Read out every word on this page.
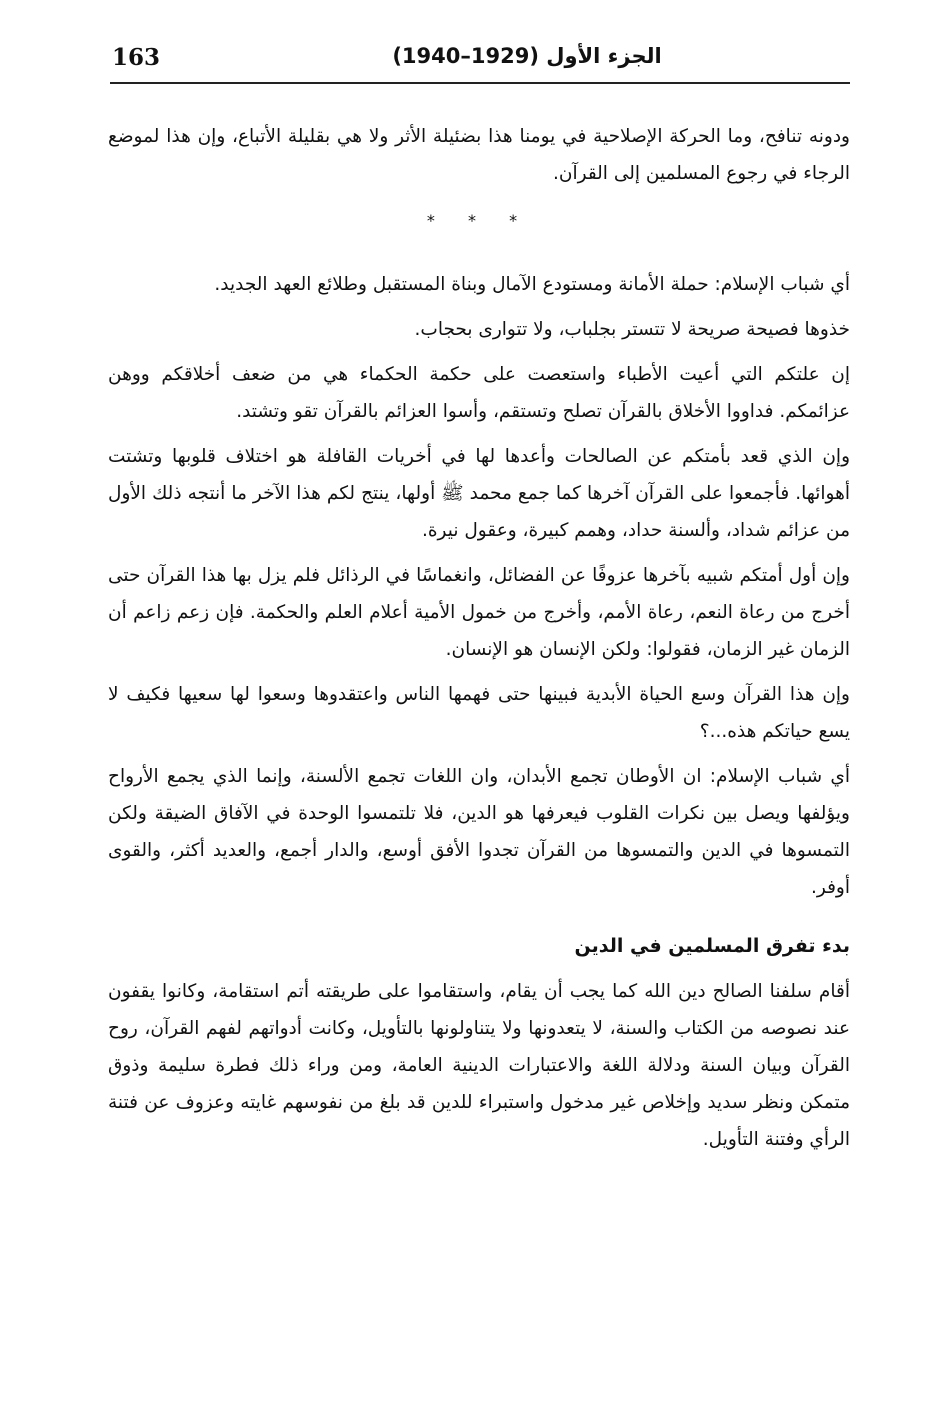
163	الجزء الأول (1929–1940)

ودونه تنافح، وما الحركة الإصلاحية في يومنا هذا بضئيلة الأثر ولا هي بقليلة الأتباع، وإن هذا لموضع الرجاء في رجوع المسلمين إلى القرآن.

* * *

أي شباب الإسلام: حملة الأمانة ومستودع الآمال وبناة المستقبل وطلائع العهد الجديد.

خذوها فصيحة صريحة لا تتستر بجلباب، ولا تتوارى بحجاب.

إن علتكم التي أعيت الأطباء واستعصت على حكمة الحكماء هي من ضعف أخلاقكم ووهن عزائمكم. فداووا الأخلاق بالقرآن تصلح وتستقم، وأسوا العزائم بالقرآن تقو وتشتد.

وإن الذي قعد بأمتكم عن الصالحات وأعدها لها في أخريات القافلة هو اختلاف قلوبها وتشتت أهوائها. فأجمعوا على القرآن آخرها كما جمع محمد ﷺ أولها، ينتج لكم هذا الآخر ما أنتجه ذلك الأول من عزائم شداد، وألسنة حداد، وهمم كبيرة، وعقول نيرة.

وإن أول أمتكم شبيه بآخرها عزوفًا عن الفضائل، وانغماسًا في الرذائل فلم يزل بها هذا القرآن حتى أخرج من رعاة النعم، رعاة الأمم، وأخرج من خمول الأمية أعلام العلم والحكمة. فإن زعم زاعم أن الزمان غير الزمان، فقولوا: ولكن الإنسان هو الإنسان.

وإن هذا القرآن وسع الحياة الأبدية فبينها حتى فهمها الناس واعتقدوها وسعوا لها سعيها فكيف لا يسع حياتكم هذه...؟

أي شباب الإسلام: ان الأوطان تجمع الأبدان، وان اللغات تجمع الألسنة، وإنما الذي يجمع الأرواح ويؤلفها ويصل بين نكرات القلوب فيعرفها هو الدين، فلا تلتمسوا الوحدة في الآفاق الضيقة ولكن التمسوها في الدين والتمسوها من القرآن تجدوا الأفق أوسع، والدار أجمع، والعديد أكثر، والقوى أوفر.

بدء تفرق المسلمين في الدين

أقام سلفنا الصالح دين الله كما يجب أن يقام، واستقاموا على طريقته أتم استقامة، وكانوا يقفون عند نصوصه من الكتاب والسنة، لا يتعدونها ولا يتناولونها بالتأويل، وكانت أدواتهم لفهم القرآن، روح القرآن وبيان السنة ودلالة اللغة والاعتبارات الدينية العامة، ومن وراء ذلك فطرة سليمة وذوق متمكن ونظر سديد وإخلاص غير مدخول واستبراء للدين قد بلغ من نفوسهم غايته وعزوف عن فتنة الرأي وفتنة التأويل.
